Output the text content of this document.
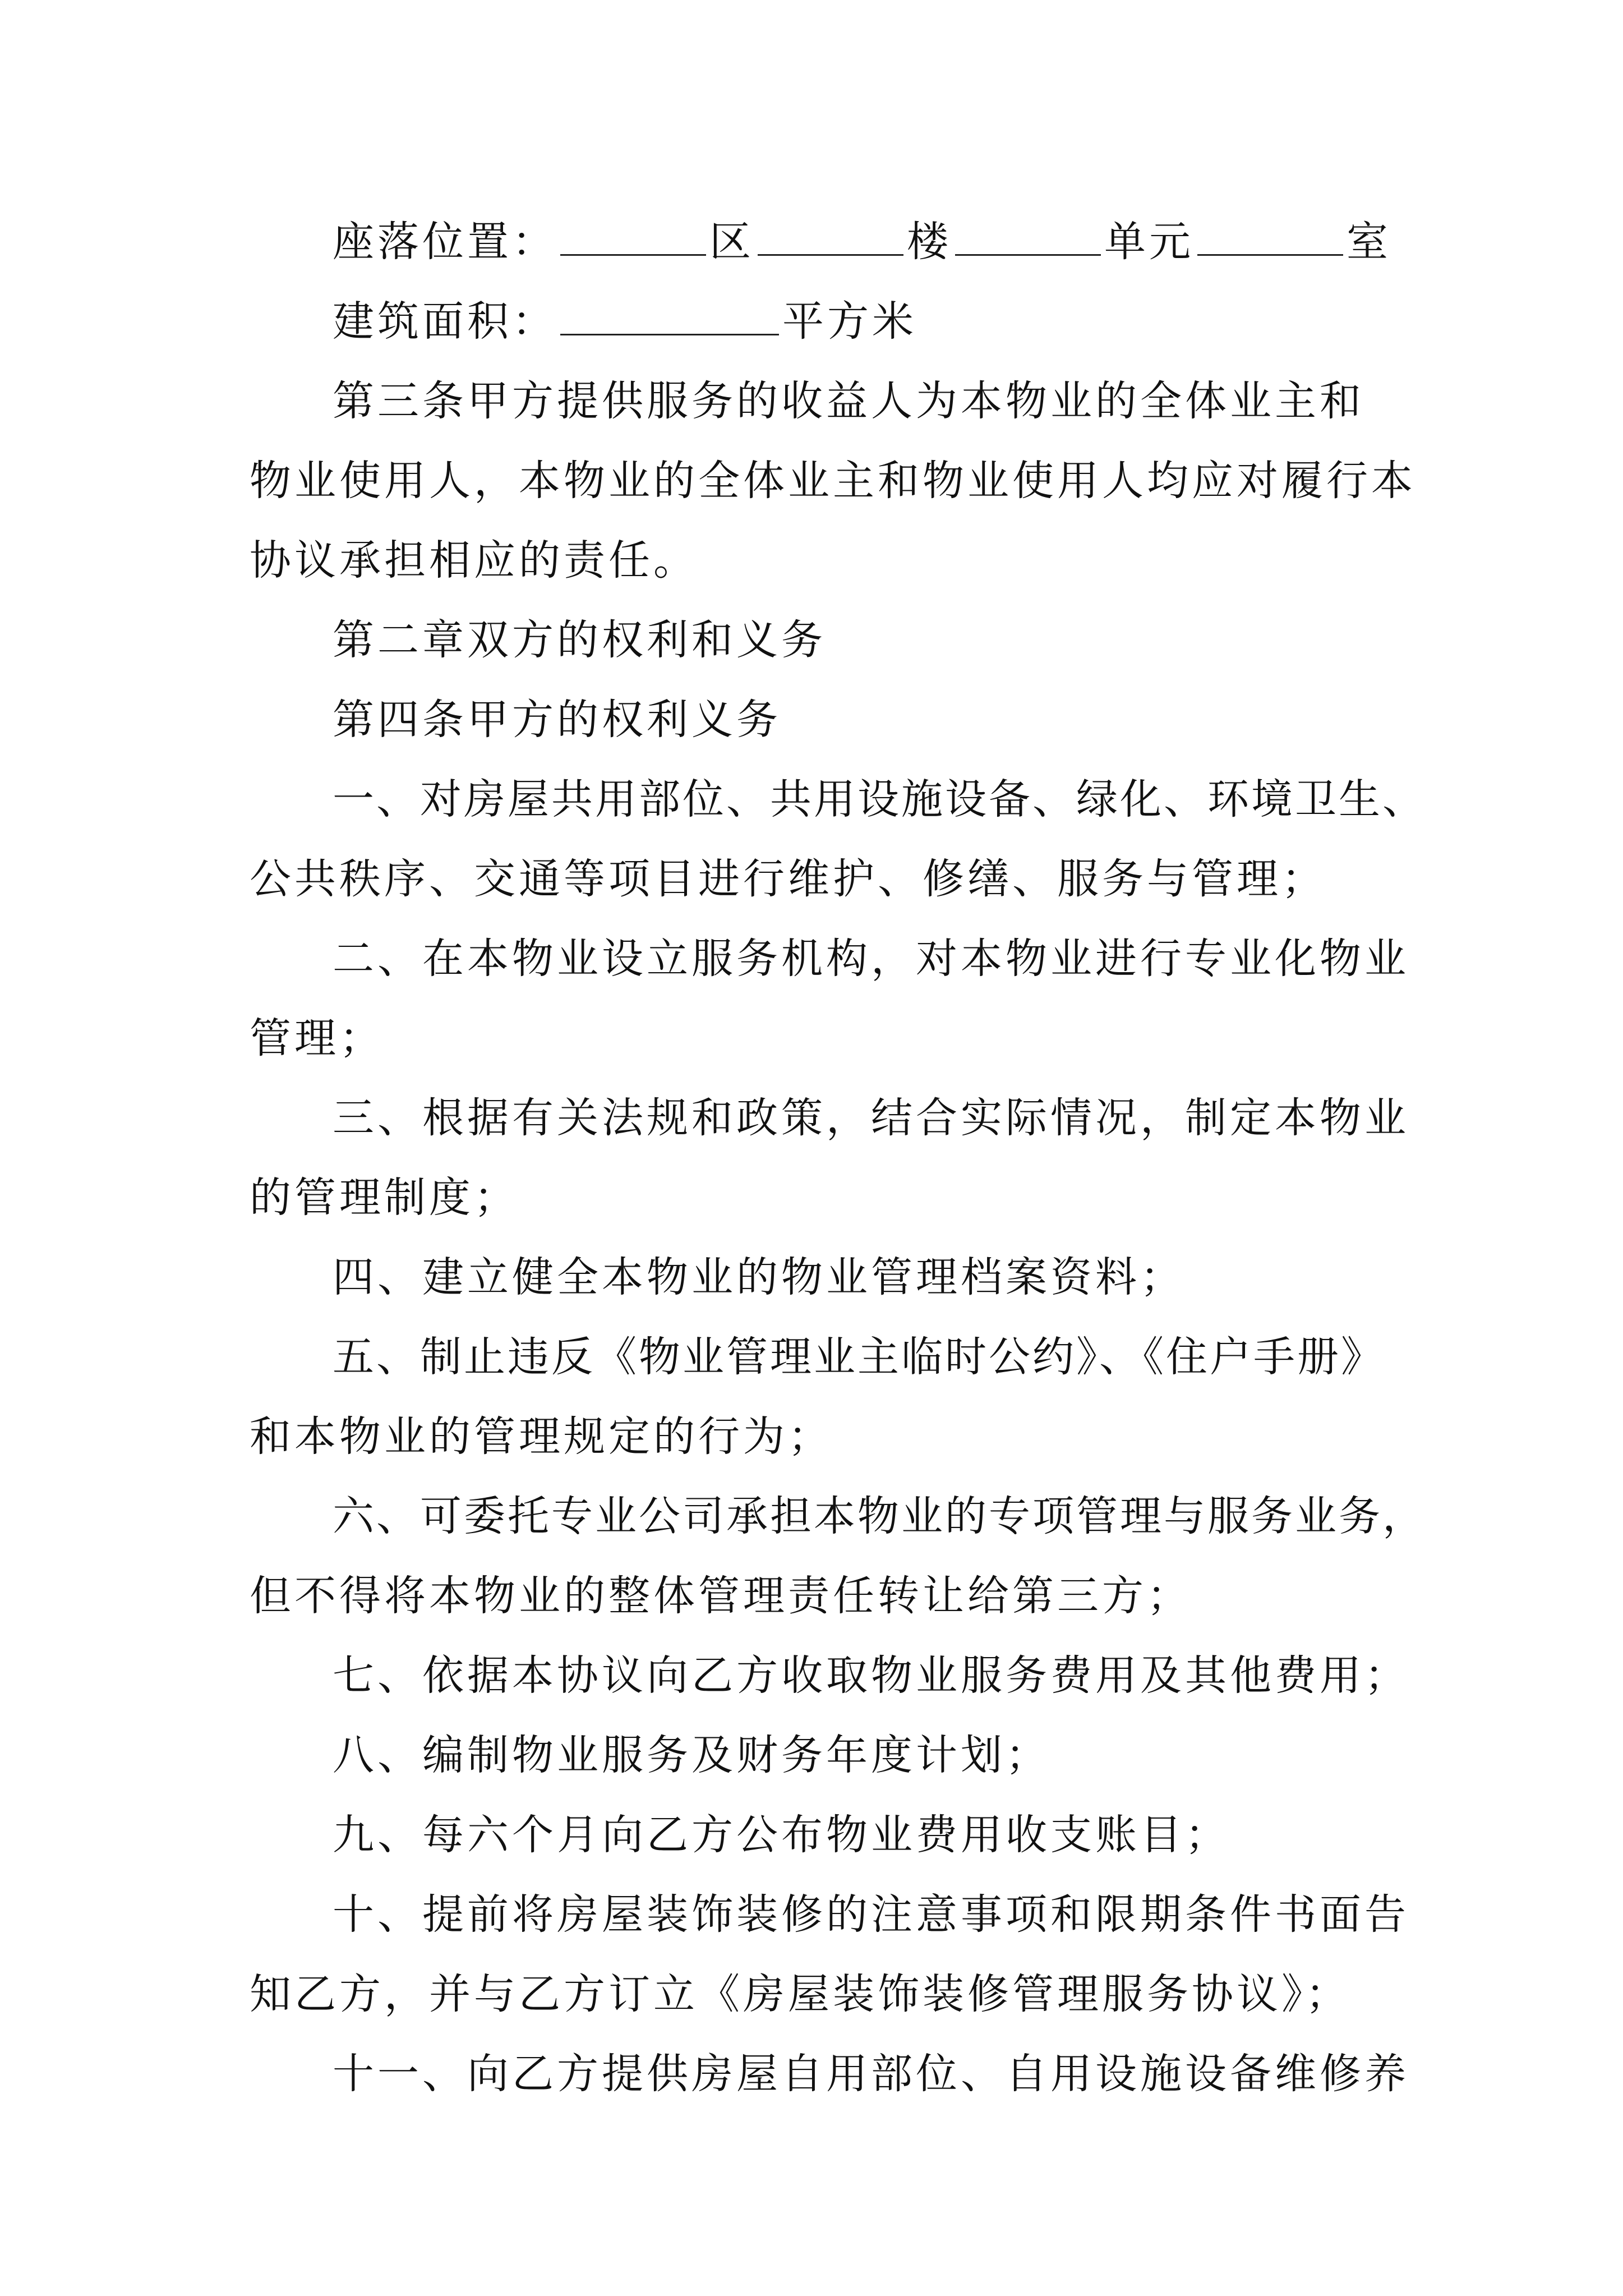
座落位置：	区	楼	单元	室
建筑面积：	平方米
第三条甲方提供服务的收益人为本物业的全体业主和
物业使用人，本物业的全体业主和物业使用人均应对履行本
协议承担相应的责任。
第二章双方的权利和义务
第四条甲方的权利义务
一、对房屋共用部位、共用设施设备、绿化、环境卫生、
公共秩序、交通等项目进行维护、修缮、服务与管理；
二、在本物业设立服务机构，对本物业进行专业化物业
管理；
三、根据有关法规和政策，结合实际情况，制定本物业
的管理制度；
四、建立健全本物业的物业管理档案资料；
五、制止违反《物业管理业主临时公约》、《住户手册》
和本物业的管理规定的行为；
六、可委托专业公司承担本物业的专项管理与服务业务，
但不得将本物业的整体管理责任转让给第三方；
七、依据本协议向乙方收取物业服务费用及其他费用；
八、编制物业服务及财务年度计划；
九、每六个月向乙方公布物业费用收支账目；
十、提前将房屋装饰装修的注意事项和限期条件书面告
知乙方，并与乙方订立《房屋装饰装修管理服务协议》；
十一、向乙方提供房屋自用部位、自用设施设备维修养
